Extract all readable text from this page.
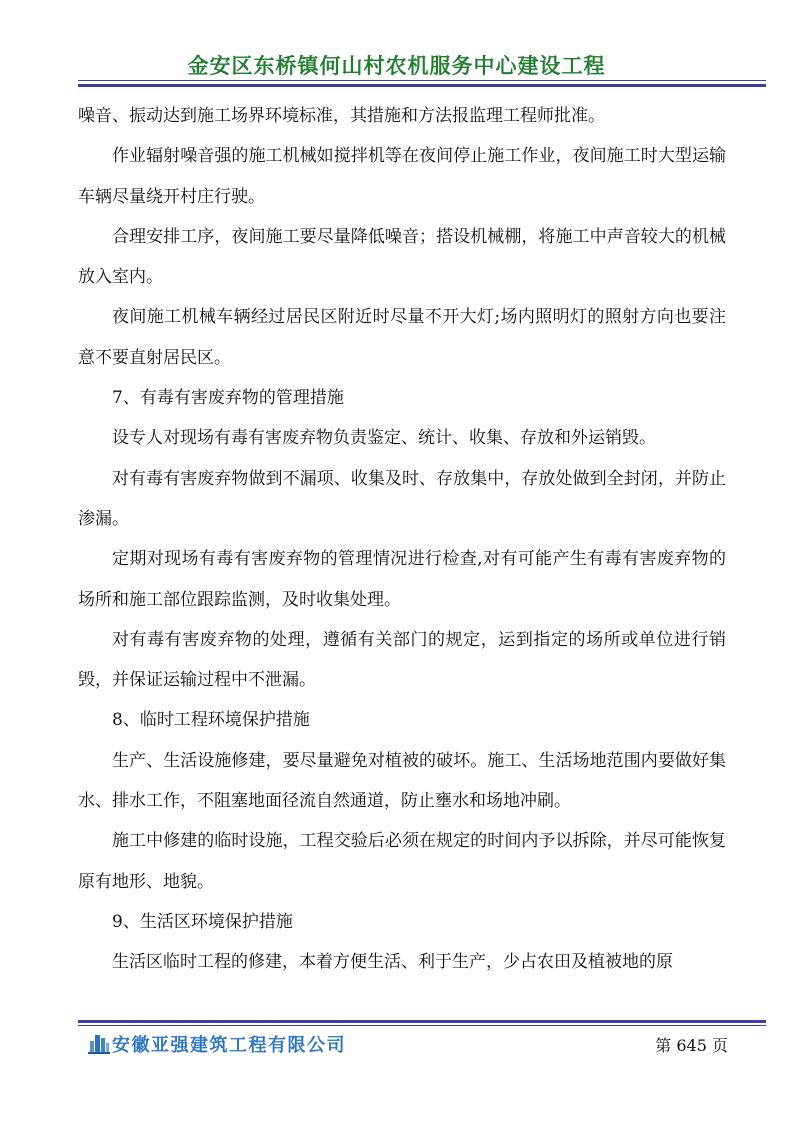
金安区东桥镇何山村农机服务中心建设工程

噪音、振动达到施工场界环境标准，其措施和方法报监理工程师批准。

作业辐射噪音强的施工机械如搅拌机等在夜间停止施工作业，夜间施工时大型运输车辆尽量绕开村庄行驶。

合理安排工序，夜间施工要尽量降低噪音；搭设机械棚，将施工中声音较大的机械放入室内。

夜间施工机械车辆经过居民区附近时尽量不开大灯;场内照明灯的照射方向也要注意不要直射居民区。

7、有毒有害废弃物的管理措施

设专人对现场有毒有害废弃物负责鉴定、统计、收集、存放和外运销毁。

对有毒有害废弃物做到不漏项、收集及时、存放集中，存放处做到全封闭，并防止渗漏。

定期对现场有毒有害废弃物的管理情况进行检查,对有可能产生有毒有害废弃物的场所和施工部位跟踪监测，及时收集处理。

对有毒有害废弃物的处理，遵循有关部门的规定，运到指定的场所或单位进行销毁，并保证运输过程中不泄漏。

8、临时工程环境保护措施

生产、生活设施修建，要尽量避免对植被的破坏。施工、生活场地范围内要做好集水、排水工作，不阻塞地面径流自然通道，防止壅水和场地冲刷。

施工中修建的临时设施，工程交验后必须在规定的时间内予以拆除，并尽可能恢复原有地形、地貌。

9、生活区环境保护措施

生活区临时工程的修建，本着方便生活、利于生产，少占农田及植被地的原

安徽亚强建筑工程有限公司	第 645 页
